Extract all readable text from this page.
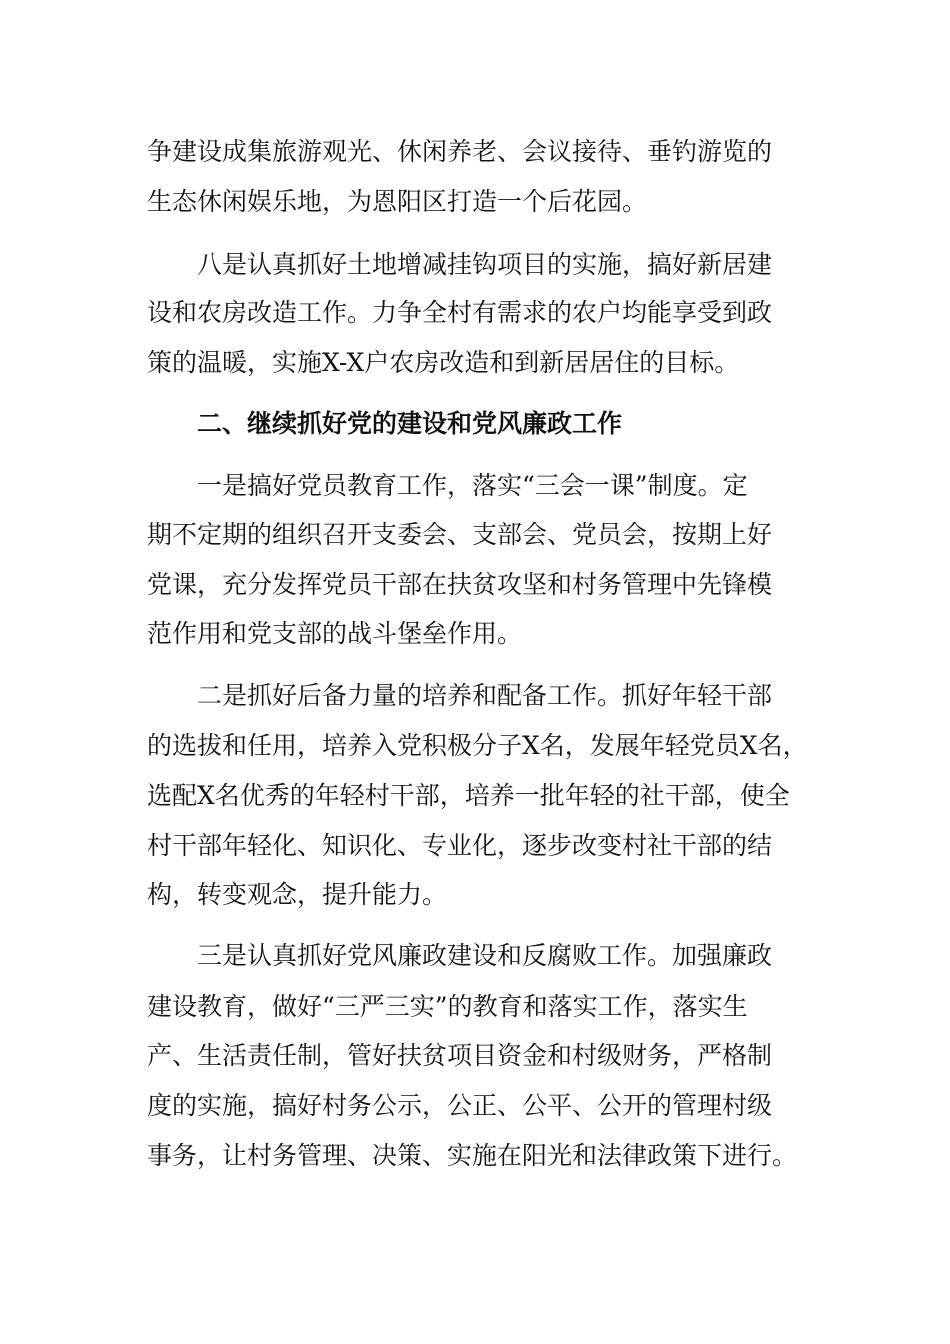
争建设成集旅游观光、休闲养老、会议接待、垂钓游览的

生态休闲娱乐地，为恩阳区打造一个后花园。

八是认真抓好土地增减挂钩项目的实施，搞好新居建

设和农房改造工作。力争全村有需求的农户均能享受到政

策的温暖，实施X-X户农房改造和到新居居住的目标。

二、继续抓好党的建设和党风廉政工作

一是搞好党员教育工作，落实“三会一课”制度。定

期不定期的组织召开支委会、支部会、党员会，按期上好

党课，充分发挥党员干部在扶贫攻坚和村务管理中先锋模

范作用和党支部的战斗堡垒作用。

二是抓好后备力量的培养和配备工作。抓好年轻干部

的选拔和任用，培养入党积极分子X名，发展年轻党员X名，

选配X名优秀的年轻村干部，培养一批年轻的社干部，使全

村干部年轻化、知识化、专业化，逐步改变村社干部的结

构，转变观念，提升能力。

三是认真抓好党风廉政建设和反腐败工作。加强廉政

建设教育，做好“三严三实”的教育和落实工作，落实生

产、生活责任制，管好扶贫项目资金和村级财务，严格制

度的实施，搞好村务公示，公正、公平、公开的管理村级

事务，让村务管理、决策、实施在阳光和法律政策下进行。
